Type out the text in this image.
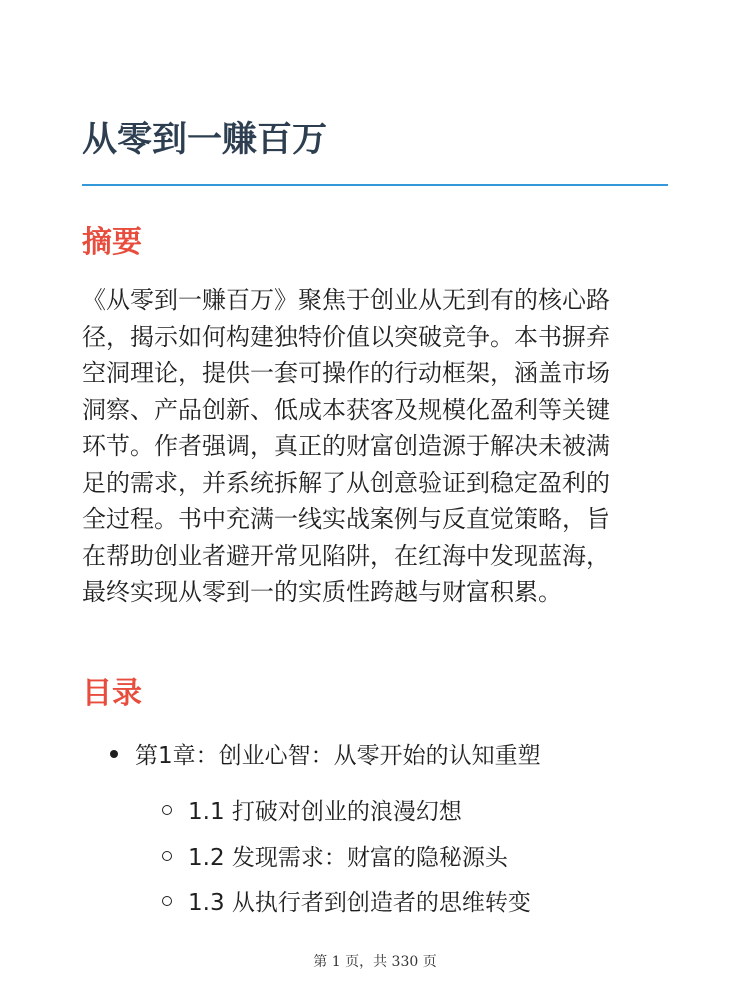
从零到一赚百万
摘要
《从零到一赚百万》聚焦于创业从无到有的核心路
径，揭示如何构建独特价值以突破竞争。本书摒弃
空洞理论，提供一套可操作的行动框架，涵盖市场
洞察、产品创新、低成本获客及规模化盈利等关键
环节。作者强调，真正的财富创造源于解决未被满
足的需求，并系统拆解了从创意验证到稳定盈利的
全过程。书中充满一线实战案例与反直觉策略，旨
在帮助创业者避开常见陷阱，在红海中发现蓝海，
最终实现从零到一的实质性跨越与财富积累。
目录
第1章：创业心智：从零开始的认知重塑
1.1 打破对创业的浪漫幻想
1.2 发现需求：财富的隐秘源头
1.3 从执行者到创造者的思维转变
第 1 页，共 330 页
